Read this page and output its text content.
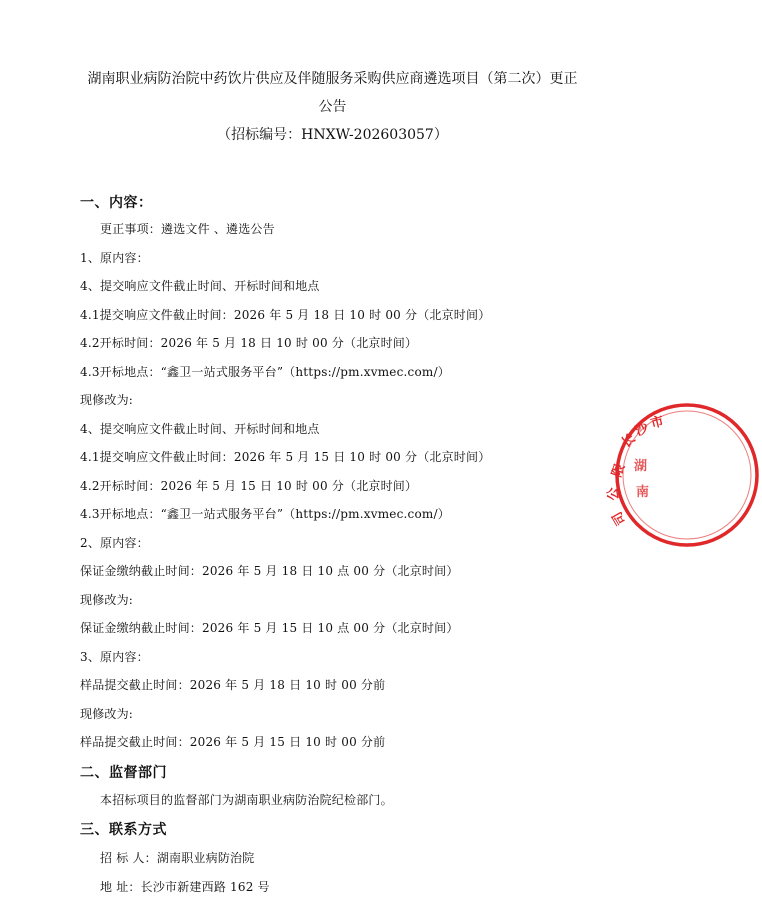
湖南职业病防治院中药饮片供应及伴随服务采购供应商遴选项目（第二次）更正
公告
（招标编号：HNXW-202603057）
一、内容：
更正事项：遴选文件 、遴选公告
1、原内容：
4、提交响应文件截止时间、开标时间和地点
4.1提交响应文件截止时间：2026 年 5 月 18 日 10 时 00 分（北京时间）
4.2开标时间：2026 年 5 月 18 日 10 时 00 分（北京时间）
4.3开标地点：“鑫卫一站式服务平台”（https://pm.xvmec.com/）
现修改为:
4、提交响应文件截止时间、开标时间和地点
4.1提交响应文件截止时间：2026 年 5 月 15 日 10 时 00 分（北京时间）
4.2开标时间：2026 年 5 月 15 日 10 时 00 分（北京时间）
4.3开标地点：“鑫卫一站式服务平台”（https://pm.xvmec.com/）
2、原内容：
保证金缴纳截止时间：2026 年 5 月 18 日 10 点 00 分（北京时间）
现修改为:
保证金缴纳截止时间：2026 年 5 月 15 日 10 点 00 分（北京时间）
3、原内容：
样品提交截止时间：2026 年 5 月 18 日 10 时 00 分前
现修改为:
样品提交截止时间：2026 年 5 月 15 日 10 时 00 分前
二、监督部门
本招标项目的监督部门为湖南职业病防治院纪检部门。
三、联系方式
招 标 人：湖南职业病防治院
地 址：长沙市新建西路 162 号
长
沙
市
限
公
司
湖
南
